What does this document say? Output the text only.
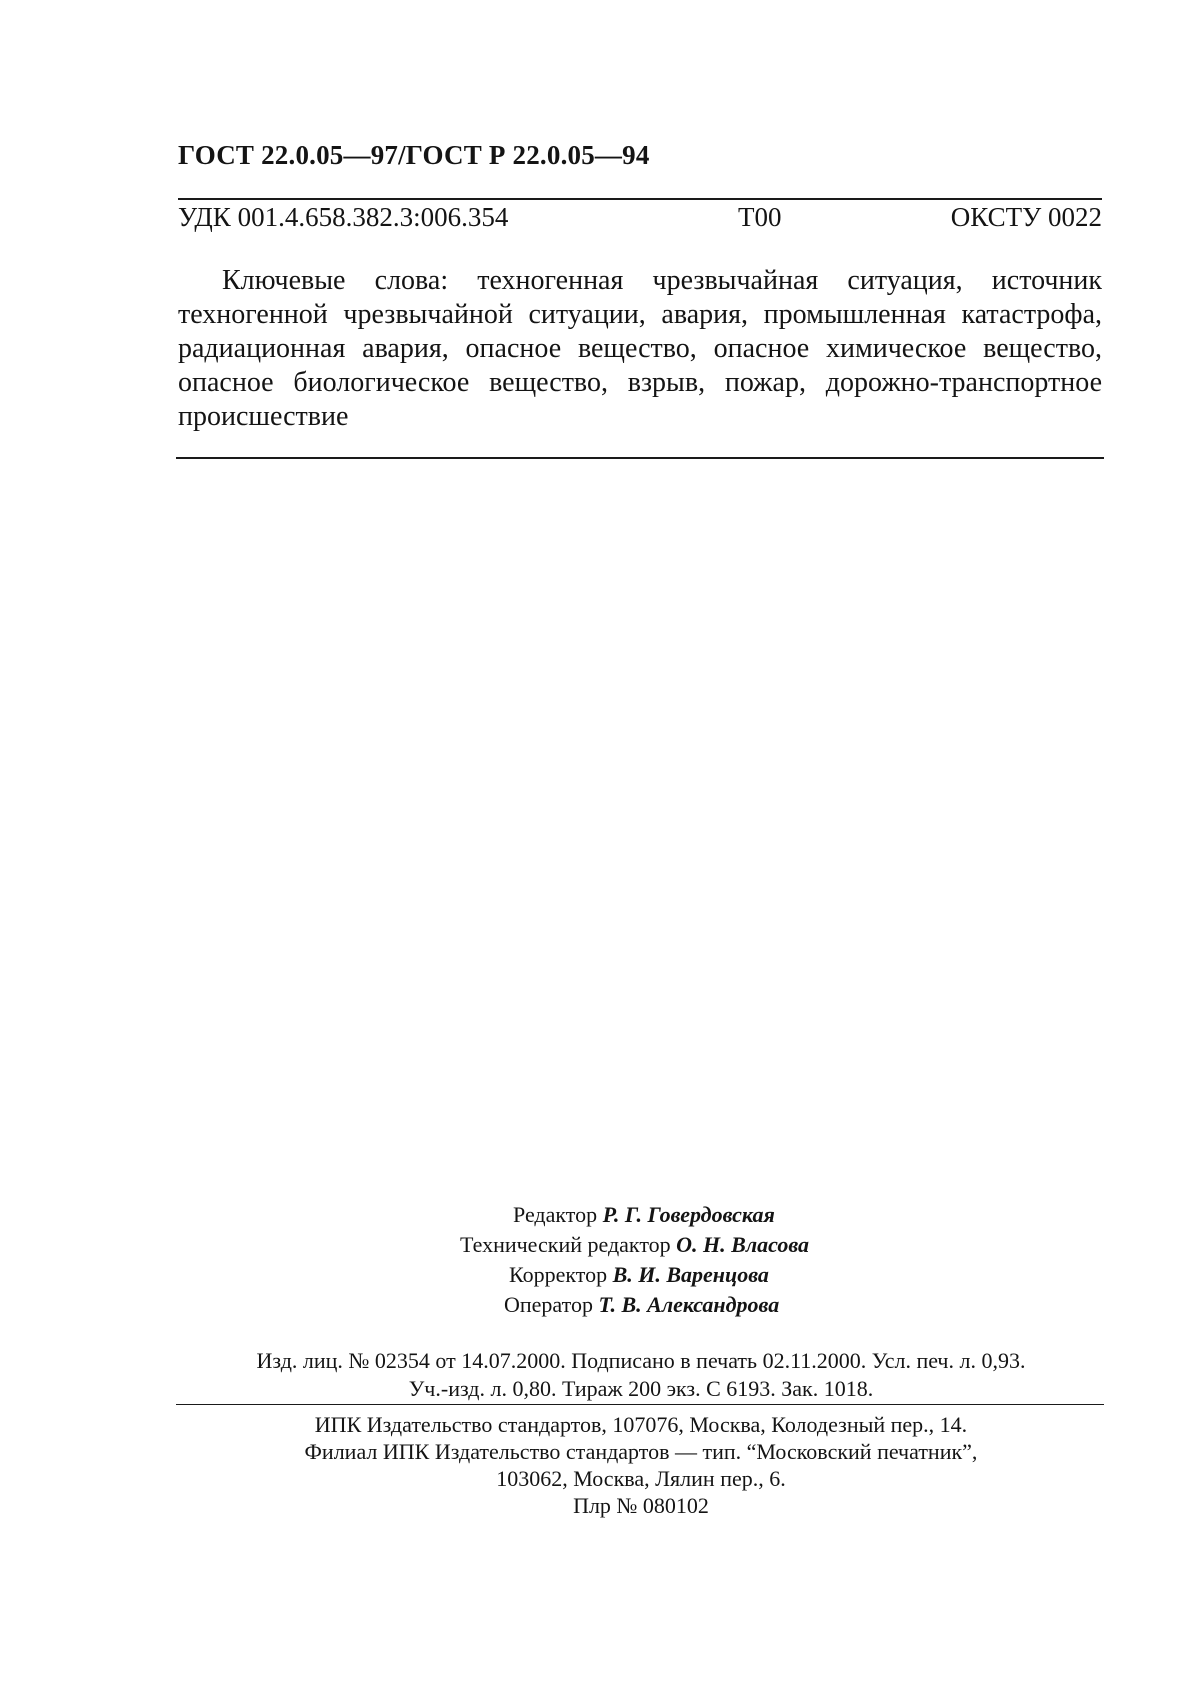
ГОСТ 22.0.05—97/ГОСТ Р 22.0.05—94
УДК 001.4.658.382.3:006.354	Т00	ОКСТУ 0022
Ключевые слова: техногенная чрезвычайная ситуация, источник техногенной чрезвычайной ситуации, авария, промышленная катастрофа, радиационная авария, опасное вещество, опасное химическое вещество, опасное биологическое вещество, взрыв, пожар, дорожно-транспортное происшествие
Редактор Р. Г. Говердовская
Технический редактор О. Н. Власова
Корректор В. И. Варенцова
Оператор Т. В. Александрова
Изд. лиц. № 02354 от 14.07.2000. Подписано в печать 02.11.2000. Усл. печ. л. 0,93.
Уч.-изд. л. 0,80. Тираж 200 экз. С 6193. Зак. 1018.
ИПК Издательство стандартов, 107076, Москва, Колодезный пер., 14.
Филиал ИПК Издательство стандартов — тип. “Московский печатник”,
103062, Москва, Лялин пер., 6.
Плр № 080102
